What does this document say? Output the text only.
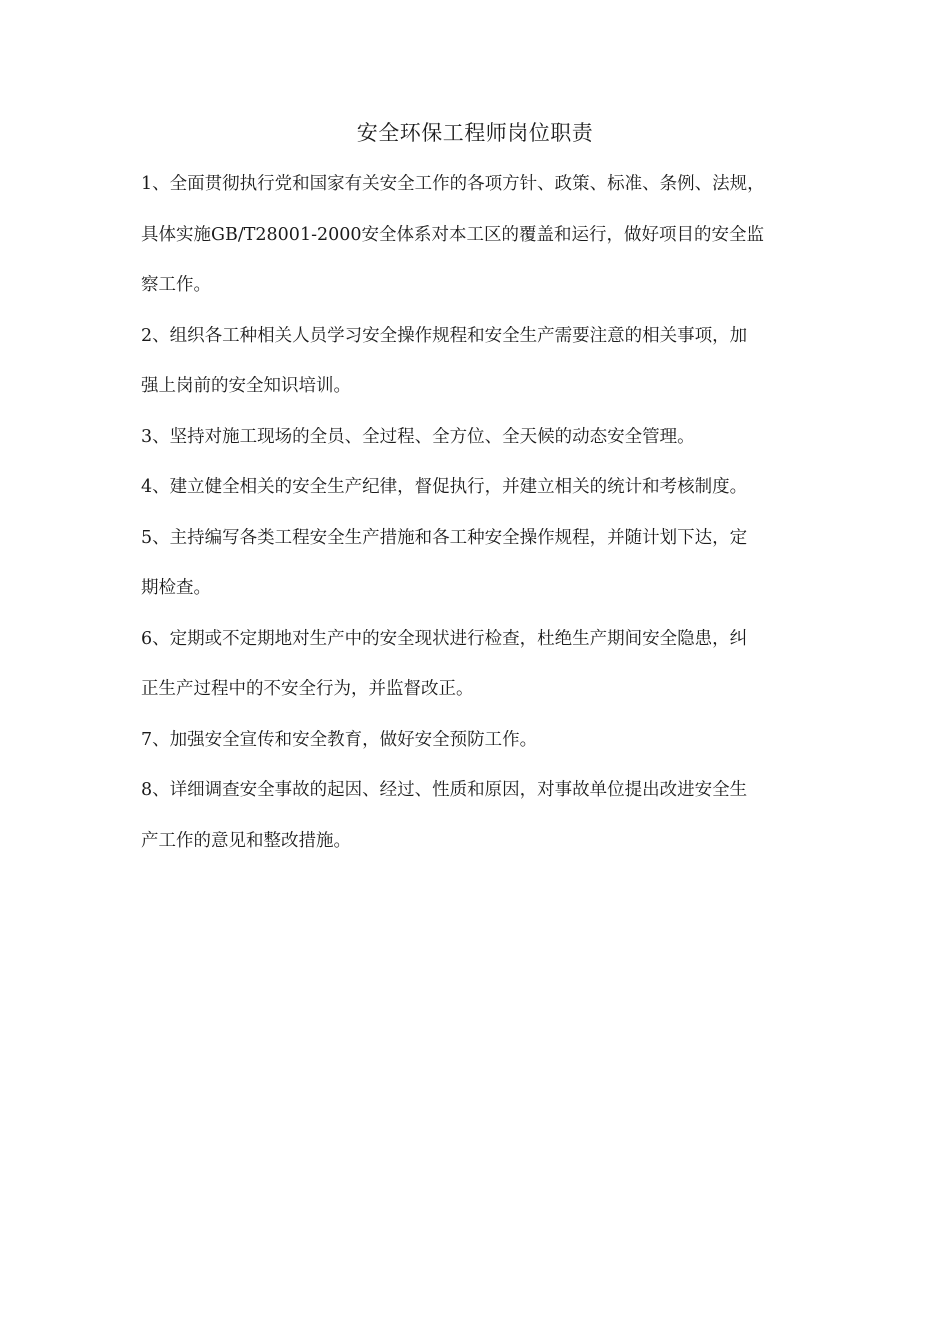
安全环保工程师岗位职责
1、全面贯彻执行党和国家有关安全工作的各项方针、政策、标准、条例、法规，
具体实施GB/T28001-2000安全体系对本工区的覆盖和运行，做好项目的安全监
察工作。
2、组织各工种相关人员学习安全操作规程和安全生产需要注意的相关事项，加
强上岗前的安全知识培训。
3、坚持对施工现场的全员、全过程、全方位、全天候的动态安全管理。
4、建立健全相关的安全生产纪律，督促执行，并建立相关的统计和考核制度。
5、主持编写各类工程安全生产措施和各工种安全操作规程，并随计划下达，定
期检查。
6、定期或不定期地对生产中的安全现状进行检查，杜绝生产期间安全隐患，纠
正生产过程中的不安全行为，并监督改正。
7、加强安全宣传和安全教育，做好安全预防工作。
8、详细调查安全事故的起因、经过、性质和原因，对事故单位提出改进安全生
产工作的意见和整改措施。
